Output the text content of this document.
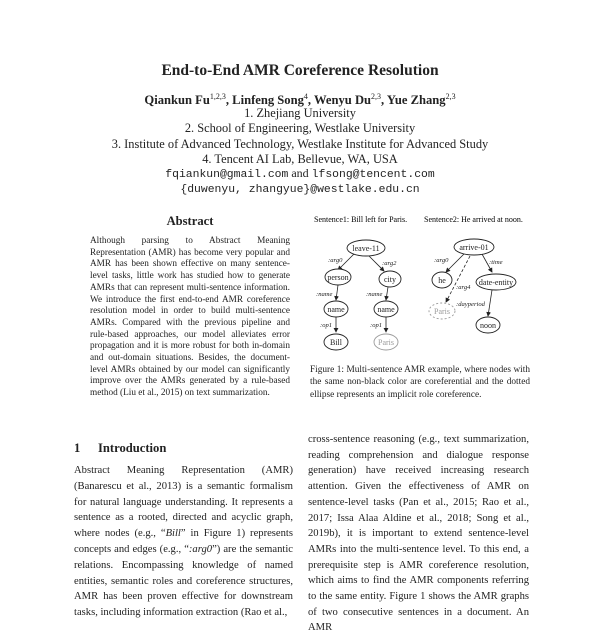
End-to-End AMR Coreference Resolution
Qiankun Fu$^{1,2,3}$, Linfeng Song$^4$, Wenyu Du$^{2,3}$, Yue Zhang$^{2,3}$
1. Zhejiang University
2. School of Engineering, Westlake University
3. Institute of Advanced Technology, Westlake Institute for Advanced Study
4. Tencent AI Lab, Bellevue, WA, USA
fqiankun@gmail.com and lfsong@tencent.com
{duwenyu, zhangyue}@westlake.edu.cn
Abstract
Although parsing to Abstract Meaning Representation (AMR) has become very popular and AMR has been shown effective on many sentence-level tasks, little work has studied how to generate AMRs that can represent multi-sentence information. We introduce the first end-to-end AMR coreference resolution model in order to build multi-sentence AMRs. Compared with the previous pipeline and rule-based approaches, our model alleviates error propagation and it is more robust for both in-domain and out-domain situations. Besides, the document-level AMRs obtained by our model can significantly improve over the AMRs generated by a rule-based method (Liu et al., 2015) on text summarization.
1 Introduction
Abstract Meaning Representation (AMR) (Banarescu et al., 2013) is a semantic formalism for natural language understanding. It represents a sentence as a rooted, directed and acyclic graph, where nodes (e.g., “Bill” in Figure 1) represents concepts and edges (e.g., “:arg0”) are the semantic relations. Encompassing knowledge of named entities, semantic roles and coreference structures, AMR has been proven effective for downstream tasks, including information extraction (Rao et al.,
cross-sentence reasoning (e.g., text summarization, reading comprehension and dialogue response generation) have received increasing research attention. Given the effectiveness of AMR on sentence-level tasks (Pan et al., 2015; Rao et al., 2017; Issa Alaa Aldine et al., 2018; Song et al., 2019b), it is important to extend sentence-level AMRs into the multi-sentence level. To this end, a prerequisite step is AMR coreference resolution, which aims to find the AMR components referring to the same entity. Figure 1 shows the AMR graphs of two consecutive sentences in a document. An AMR
Sentence1: Bill left for Paris. Sentence2: He arrived at noon.
leave-11
person	city
name	name
Bill	Paris
:arg0	:arg2
:name	:name
:op1	:op1
arrive-01
he	date-entity
Paris
noon
:arg0	:time
:arg4
:dayperiod
Figure 1: Multi-sentence AMR example, where nodes with the same non-black color are coreferential and the dotted ellipse represents an implicit role coreference.
